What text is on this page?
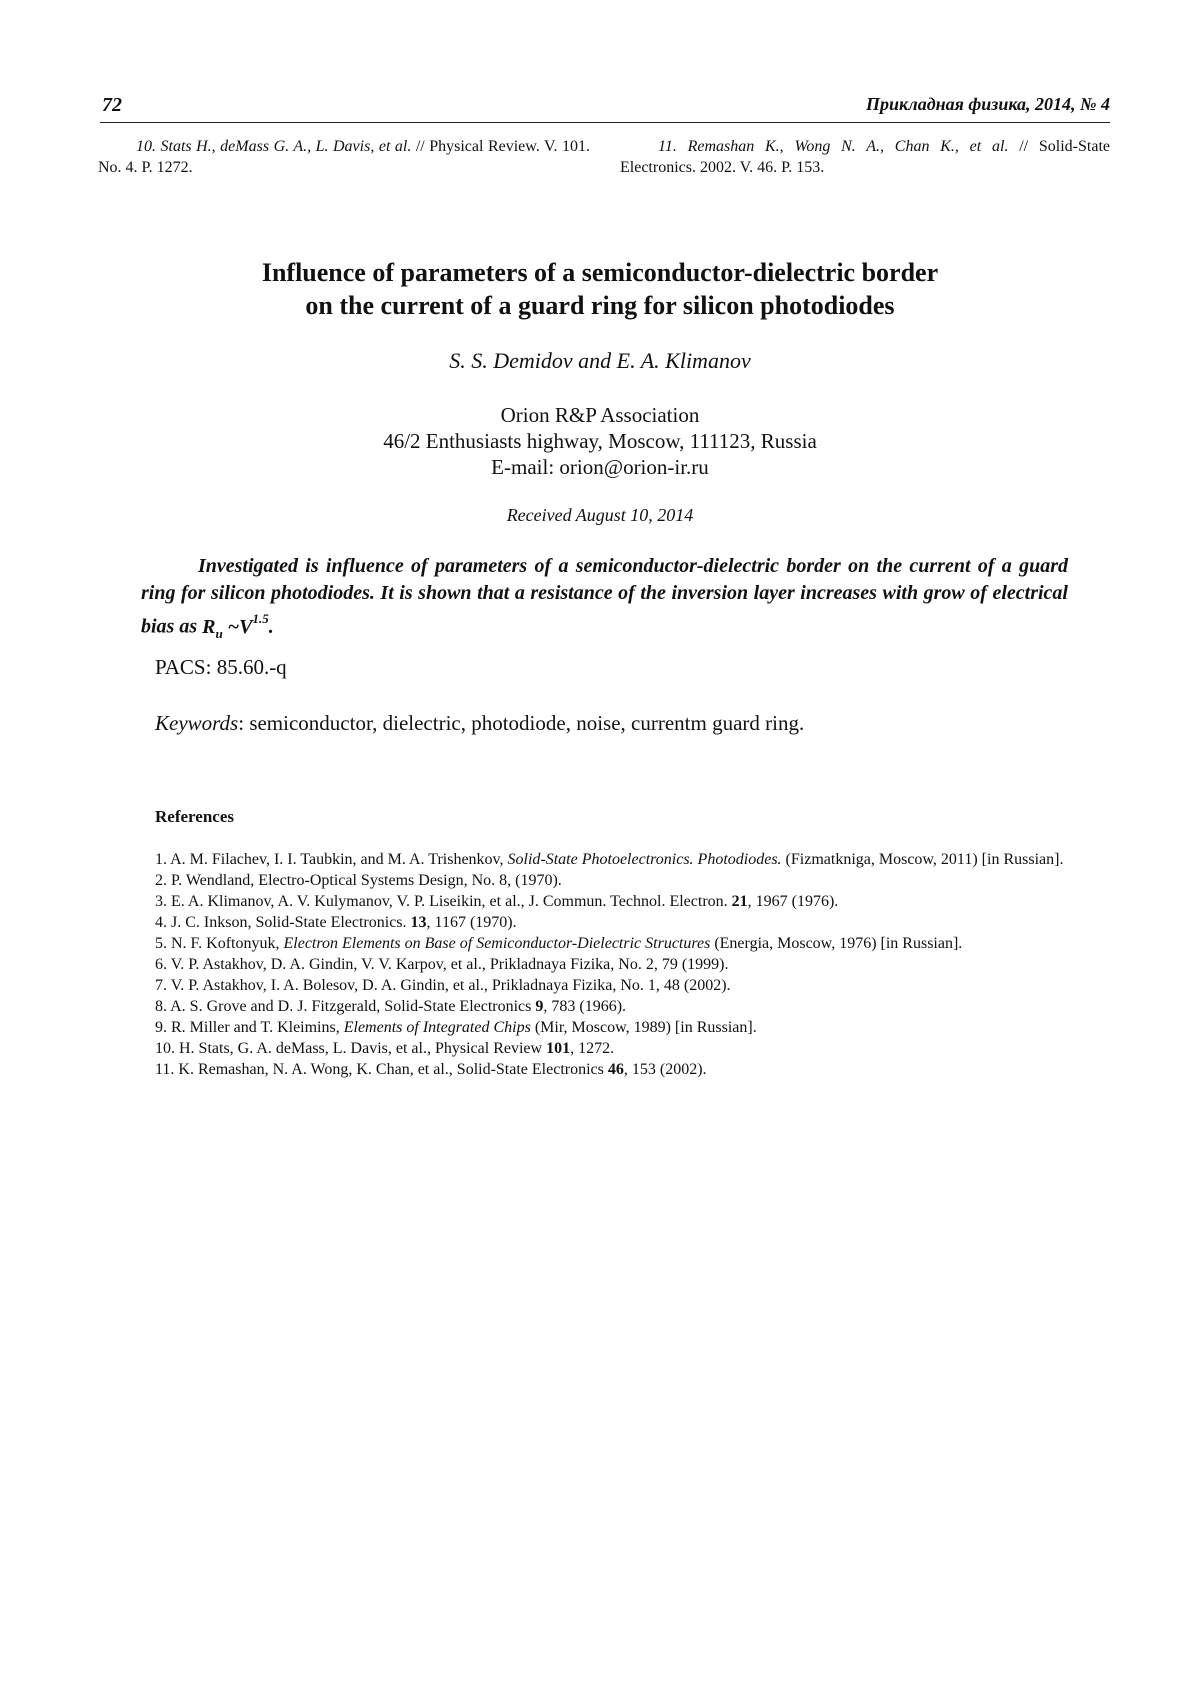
72	Прикладная физика, 2014, № 4

10. Stats H., deMass G. A., L. Davis, et al. // Physical Review. V. 101. No. 4. P. 1272.

11. Remashan K., Wong N. A., Chan K., et al. // Solid-State Electronics. 2002. V. 46. P. 153.

Influence of parameters of a semiconductor-dielectric border
on the current of a guard ring for silicon photodiodes
S. S. Demidov and E. A. Klimanov
Orion R&P Association
46/2 Enthusiasts highway, Moscow, 111123, Russia
E-mail: orion@orion-ir.ru
Received August 10, 2014

Investigated is influence of parameters of a semiconductor-dielectric border on the current of a guard ring for silicon photodiodes. It is shown that a resistance of the inversion layer increases with grow of electrical bias as $R_u$ $\sim V^{1.5}$.

PACS: 85.60.-q
Keywords: semiconductor, dielectric, photodiode, noise, currentm guard ring.
References
1. A. M. Filachev, I. I. Taubkin, and M. A. Trishenkov, Solid-State Photoelectronics. Photodiodes. (Fizmatkniga, Moscow, 2011) [in Russian].
2. P. Wendland, Electro-Optical Systems Design, No. 8, (1970).
3. E. A. Klimanov, A. V. Kulymanov, V. P. Liseikin, et al., J. Commun. Technol. Electron. 21, 1967 (1976).
4. J. C. Inkson, Solid-State Electronics. 13, 1167 (1970).
5. N. F. Koftonyuk, Electron Elements on Base of Semiconductor-Dielectric Structures (Energia, Moscow, 1976) [in Russian].
6. V. P. Astakhov, D. A. Gindin, V. V. Karpov, et al., Prikladnaya Fizika, No. 2, 79 (1999).
7. V. P. Astakhov, I. A. Bolesov, D. A. Gindin, et al., Prikladnaya Fizika, No. 1, 48 (2002).
8. A. S. Grove and D. J. Fitzgerald, Solid-State Electronics 9, 783 (1966).
9. R. Miller and T. Kleimins, Elements of Integrated Chips (Mir, Moscow, 1989) [in Russian].
10. H. Stats, G. A. deMass, L. Davis, et al., Physical Review 101, 1272.
11. K. Remashan, N. A. Wong, K. Chan, et al., Solid-State Electronics 46, 153 (2002).
